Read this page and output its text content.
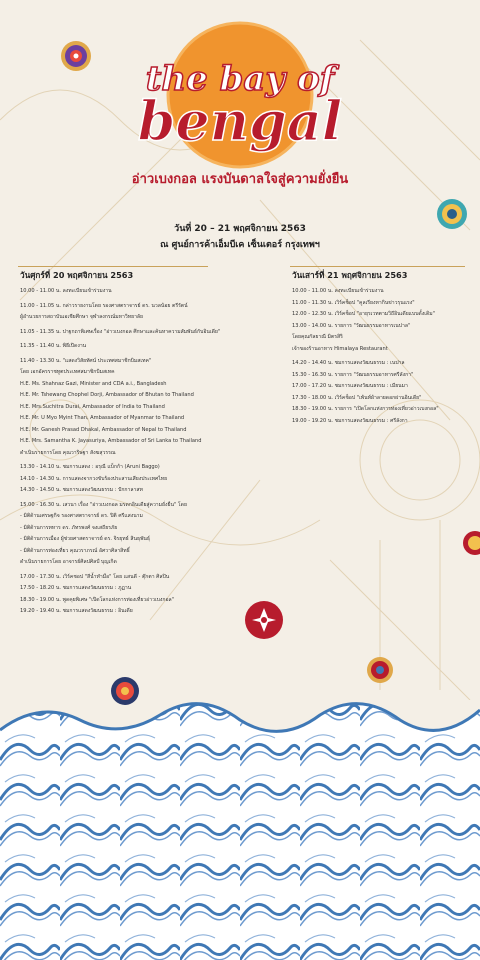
the bay of
bengal
อ่าวเบงกอล แรงบันดาลใจสู่ความยั่งยืน
วันที่ 20 – 21 พฤศจิกายน 2563
ณ ศูนย์การค้าเอ็มบีเค เซ็นเตอร์ กรุงเทพฯ
วันศุกร์ที่ 20 พฤศจิกายน 2563	วันเสาร์ที่ 21 พฤศจิกายน 2563
10.00 - 11.00 น. ลงทะเบียนเข้าร่วมงาน
11.00 - 11.05 น. กล่าวรายงานโดย รองศาสตราจารย์ ดร. นวลน้อย ตรีรัตน์
ผู้อำนวยการสถาบันเอเชียศึกษา จุฬาลงกรณ์มหาวิทยาลัย
11.05 - 11.35 น. ปาฐกถาพิเศษเรื่อง "อ่าวเบงกอล ศึกษาและค้นหาความสัมพันธ์กับอินเดีย"
11.35 - 11.40 น. พิธีเปิดงาน
11.40 - 13.30 น. "แสดงวิสัยทัศน์ ประเทศสมาชิกบิมสเทค"
โดย เอกอัครราชทูตประเทศสมาชิกบิมสเทค
H.E. Ms. Shahnaz Gazi, Minister and CDA a.i., Bangladesh
H.E. Mr. Tshewang Chophel Dorji, Ambassador of Bhutan to Thailand
H.E. Mrs.Suchitra Durai, Ambassador of India to Thailand
H.E. Mr. U Myo Myint Than, Ambassador of Myanmar to Thailand
H.E. Mr. Ganesh Prasad Dhakal, Ambassador of Nepal to Thailand
H.E. Mrs. Samantha K. Jayasuriya, Ambassador of Sri Lanka to Thailand
ดำเนินรายการโดย คุณวาริษฐา สังฆสุวรรณ
13.30 - 14.10 น. ชมการแสดง : อรุณี แบ็กก้า (Aruni Baggo)
14.10 - 14.30 น. การแสดงจากวงขับร้องประสานเสียงประเทศไทย
14.30 - 14.50 น. ชมการแสดงวัฒนธรรม : ปักกาลาสท
15.00 - 16.30 น. เสวนา เรื่อง "อ่าวเบงกอล มรดกอินเดียสู่ความยั่งยืน" โดย
- มิติด้านเศรษฐกิจ รองศาสตราจารย์ ดร. ปิติ ศรีแสงนาม
- มิติด้านการทหาร ดร. ภัทรพงศ์ จงเสถียรภัย
- มิติด้านการเมือง ผู้ช่วยศาสตราจารย์ ดร. จิรยุทธ์ สินธุพันธุ์
- มิติด้านการท่องเที่ยว คุณวราภรณ์ อัศวาศิลาสิทธิ์
ดำเนินรายการโดย อาจารย์ศิลปศิลป์ บุญเกิด
17.00 - 17.30 น. เวิร์คชอป "สีน้ำทำมือ" โดย แสนดี - ตุ๊กตา ศิลปิน
17.50 - 18.20 น. ชมการแสดงวัฒนธรรม : ภูฏาน
18.30 - 19.00 น. พูดคุยพิเศษ "เปิดโลกแห่งการท่องเที่ยวอ่าวเบงกอล"
19.20 - 19.40 น. ชมการแสดงวัฒนธรรม : อินเดีย
10.00 - 11.00 น. ลงทะเบียนเข้าร่วมงาน
11.00 - 11.30 น. เวิร์คช็อป "คูลเรียงหากินข่าวรุนแรง"
12.00 - 12.30 น. เวิร์คช็อป "อายุรเวทตามวิถีอินเดียแบบดั้งเดิม"
13.00 - 14.00 น. รายการ "วัฒนธรรมอาหารเนปาล"
โดยคุณกัลยาณี มิตรสิริ
เจ้าของร้านอาหาร Himalaya Restaurant
14.20 - 14.40 น. ชมการแสดงวัฒนธรรม : เนปาล
15.30 - 16.30 น. รายการ "วัฒนธรรมอาหารศรีลังกา"
17.00 - 17.20 น. ชมการแสดงวัฒนธรรม : เมียนมา
17.30 - 18.00 น. เวิร์คช็อป "เพ้นท์ผ้าลายดอกผ่านอินเดีย"
18.30 - 19.00 น. รายการ "เปิดโลกแห่งการท่องเที่ยวอ่าวเบงกอล"
19.00 - 19.20 น. ชมการแสดงวัฒนธรรม : ศรีลังกา
